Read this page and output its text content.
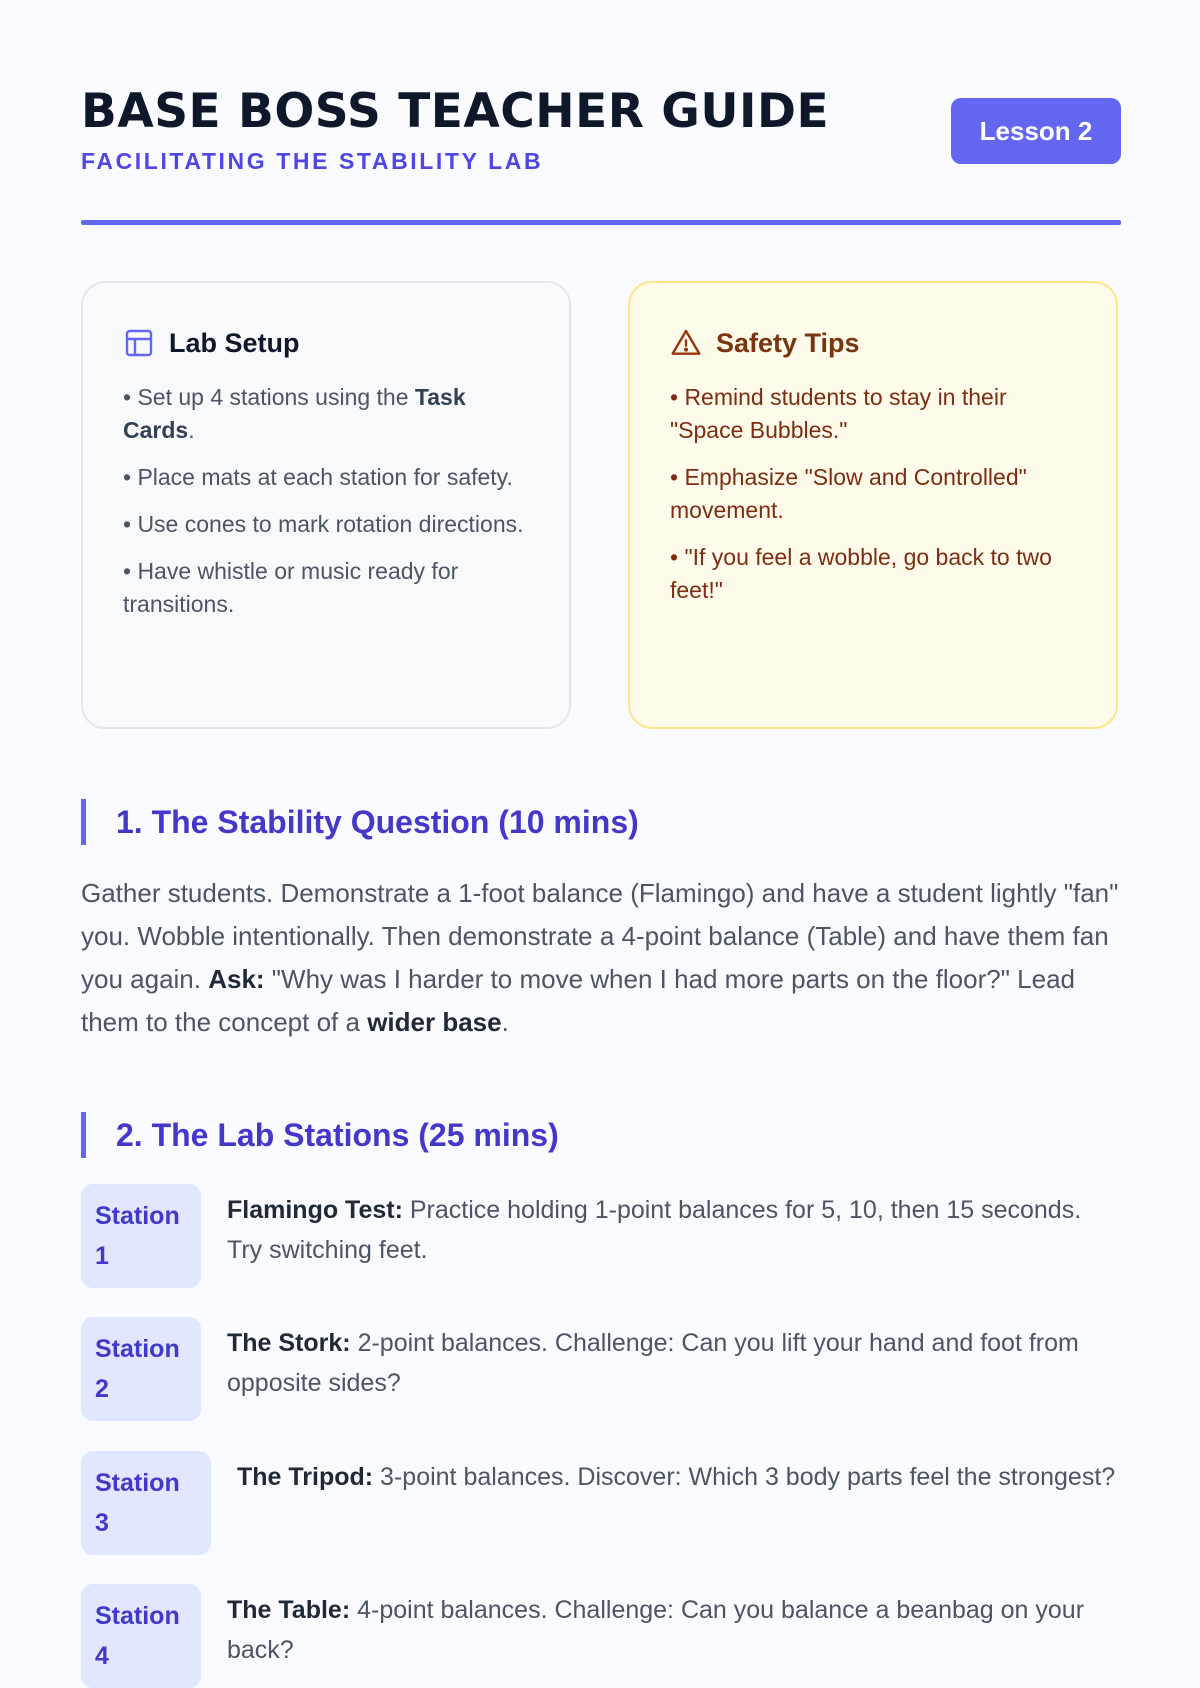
BASE BOSS TEACHER GUIDE
FACILITATING THE STABILITY LAB
Lesson 2
Lab Setup
• Set up 4 stations using the Task Cards.
• Place mats at each station for safety.
• Use cones to mark rotation directions.
• Have whistle or music ready for transitions.
Safety Tips
• Remind students to stay in their "Space Bubbles."
• Emphasize "Slow and Controlled" movement.
• "If you feel a wobble, go back to two feet!"
1. The Stability Question (10 mins)

Gather students. Demonstrate a 1-foot balance (Flamingo) and have a student lightly "fan" you. Wobble intentionally. Then demonstrate a 4-point balance (Table) and have them fan you again. Ask: "Why was I harder to move when I had more parts on the floor?" Lead them to the concept of a wider base.

2. The Lab Stations (25 mins)
Station 1
Flamingo Test: Practice holding 1-point balances for 5, 10, then 15 seconds. Try switching feet.
Station 2
The Stork: 2-point balances. Challenge: Can you lift your hand and foot from opposite sides?
Station 3
The Tripod: 3-point balances. Discover: Which 3 body parts feel the strongest?
Station 4
The Table: 4-point balances. Challenge: Can you balance a beanbag on your back?
